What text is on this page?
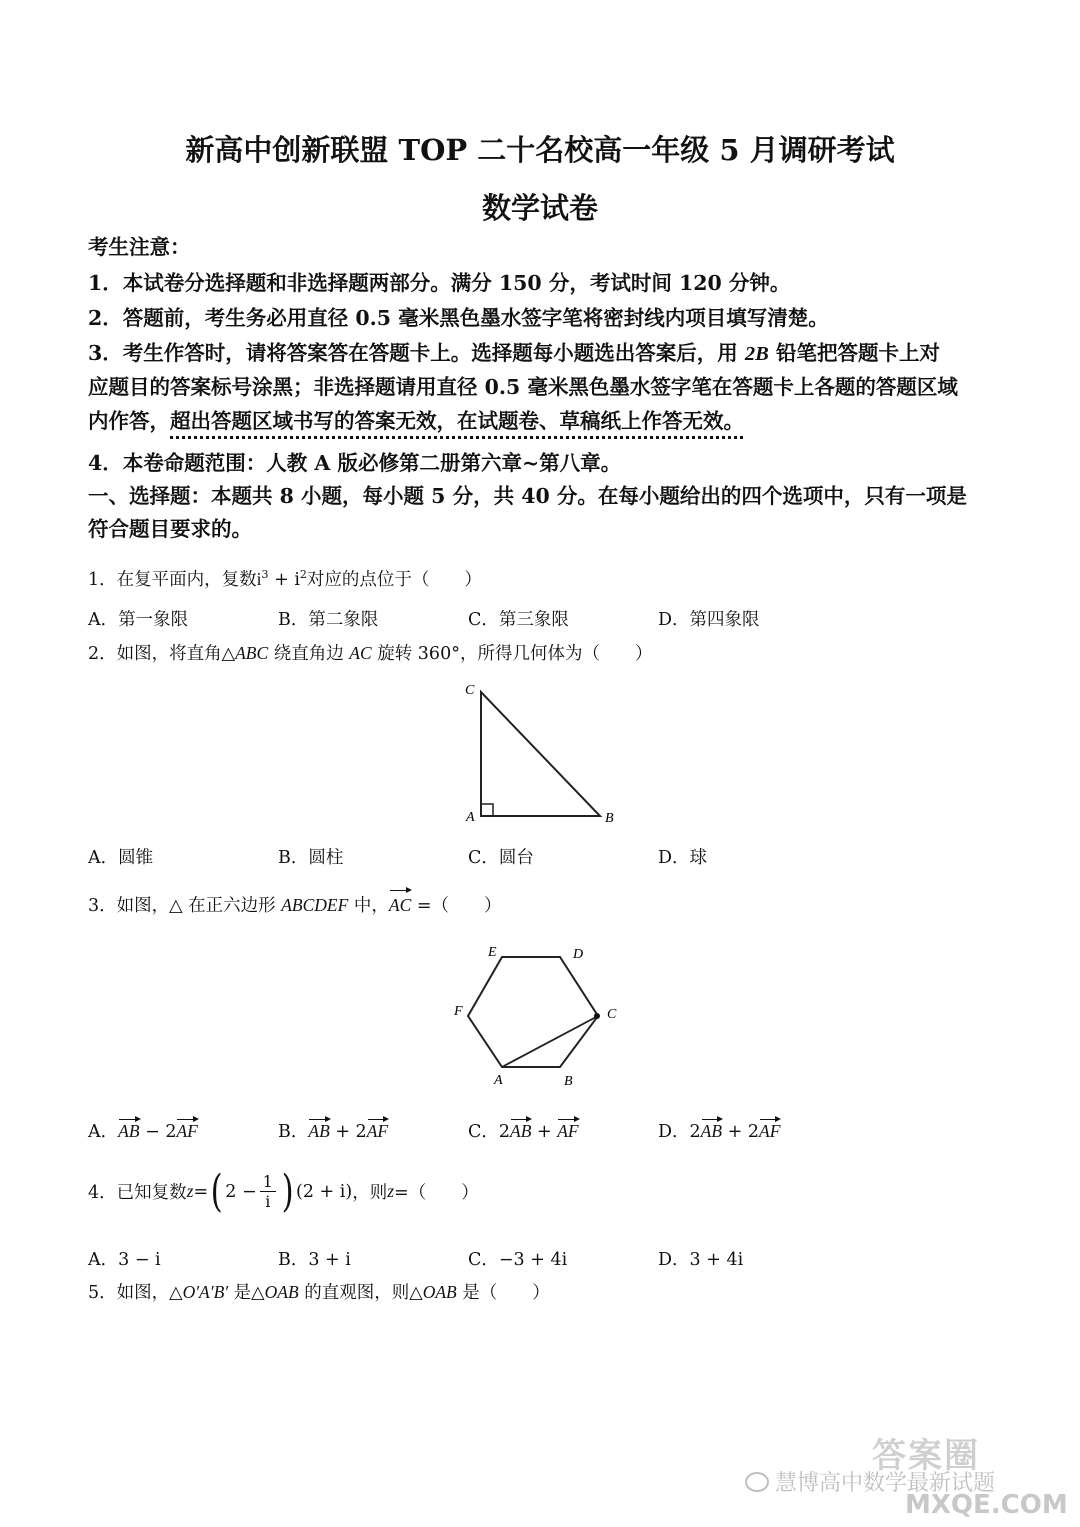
新高中创新联盟 TOP 二十名校高一年级 5 月调研考试
数学试卷
考生注意：
1．本试卷分选择题和非选择题两部分。满分 150 分，考试时间 120 分钟。
2．答题前，考生务必用直径 0.5 毫米黑色墨水签字笔将密封线内项目填写清楚。
3．考生作答时，请将答案答在答题卡上。选择题每小题选出答案后，用 2B 铅笔把答题卡上对
应题目的答案标号涂黑；非选择题请用直径 0.5 毫米黑色墨水签字笔在答题卡上各题的答题区域
内作答，超出答题区域书写的答案无效，在试题卷、草稿纸上作答无效。
4．本卷命题范围：人教 A 版必修第二册第六章~第八章。
一、选择题：本题共 8 小题，每小题 5 分，共 40 分。在每小题给出的四个选项中，只有一项是
符合题目要求的。
1．在复平面内，复数$i^3 + i^2$对应的点位于（　　）
A．第一象限	B．第二象限	C．第三象限	D．第四象限
2．如图，将直角△ABC 绕直角边 AC 旋转 360°，所得几何体为（　　）
C
A	B
A．圆锥	B．圆柱	C．圆台	D．球
3．如图，△ 在正六边形 ABCDEF 中，AC =（　　）
E	D
F	C
A	B
A．AB − 2AF	B．AB + 2AF	C．2AB + AF	D．2AB + 2AF
4．已知复数 z = ( $2 - \frac{1}{i}$ ) (2 + i) ，则 z =（　　）
A．3 − i	B．3 + i	C．−3 + 4i	D．3 + 4i
5．如图，△O′A′B′ 是△OAB 的直观图，则△OAB 是（　　）
慧博高中数学最新试题
答案圈
MXQE.COM
